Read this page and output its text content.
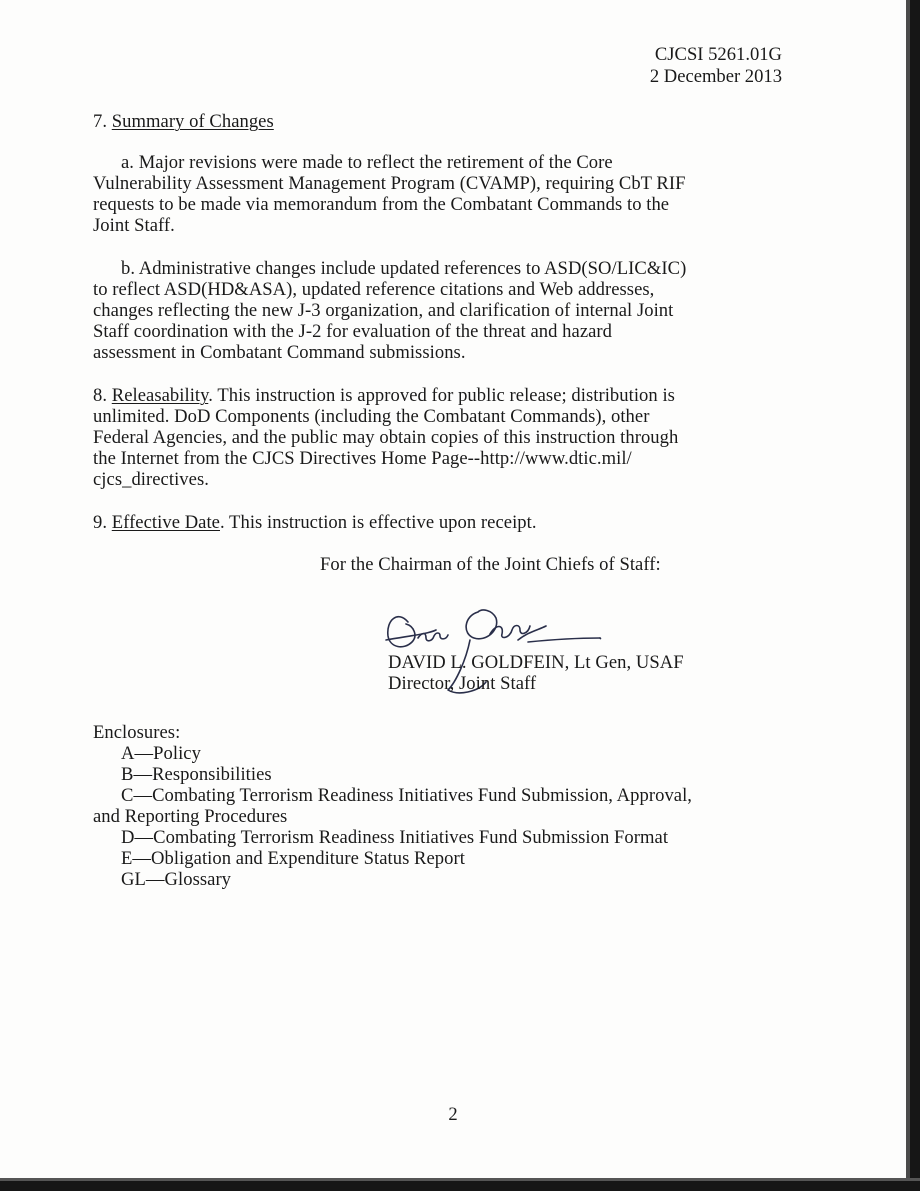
CJCSI 5261.01G
2 December 2013
7. Summary of Changes
a. Major revisions were made to reflect the retirement of the Core
Vulnerability Assessment Management Program (CVAMP), requiring CbT RIF
requests to be made via memorandum from the Combatant Commands to the
Joint Staff.
b. Administrative changes include updated references to ASD(SO/LIC&IC)
to reflect ASD(HD&ASA), updated reference citations and Web addresses,
changes reflecting the new J-3 organization, and clarification of internal Joint
Staff coordination with the J-2 for evaluation of the threat and hazard
assessment in Combatant Command submissions.
8. Releasability. This instruction is approved for public release; distribution is
unlimited. DoD Components (including the Combatant Commands), other
Federal Agencies, and the public may obtain copies of this instruction through
the Internet from the CJCS Directives Home Page--http://www.dtic.mil/
cjcs_directives.
9. Effective Date. This instruction is effective upon receipt.
For the Chairman of the Joint Chiefs of Staff:
DAVID L. GOLDFEIN, Lt Gen, USAF
Director, Joint Staff
Enclosures:
A—Policy
B—Responsibilities
C—Combating Terrorism Readiness Initiatives Fund Submission, Approval,
and Reporting Procedures
D—Combating Terrorism Readiness Initiatives Fund Submission Format
E—Obligation and Expenditure Status Report
GL—Glossary
2
